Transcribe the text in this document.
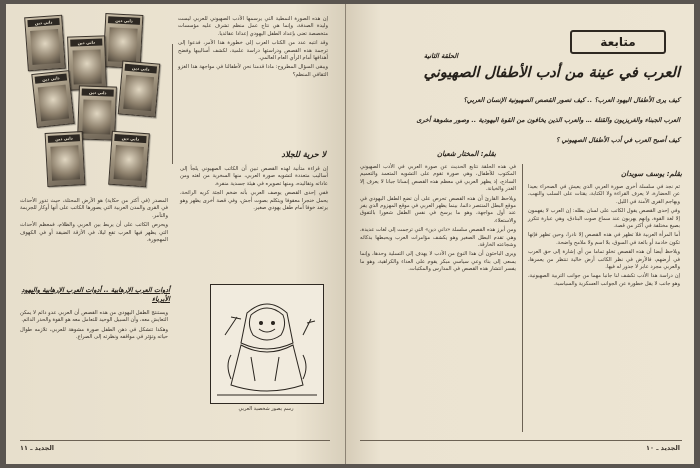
داني دين	داني دين
داني دين
داني دين
داني دين
داني دين
داني دين	داني دين

إن هذه الصورة النمطية التي يرسمها الأدب الصهيوني للعربي ليست وليدة الصدفة، وإنما هي نتاج عمل منظم تشرف عليه مؤسسات متخصصة تعنى بإعداد الطفل اليهودي إعدادا عقائديا.

وقد انتبه عدد من الكتاب العرب إلى خطورة هذا الأمر، فدعوا إلى ترجمة هذه القصص ودراستها دراسة علمية، لكشف أساليبها وفضح أهدافها أمام الرأي العام العالمي.

ويبقى السؤال المطروح: ماذا قدمنا نحن لأطفالنا في مواجهة هذا الغزو الثقافي المنظم؟

لا حرية للجلاد

إن قراءة متأنية لهذه القصص تبين أن الكاتب الصهيوني يلجأ إلى أساليب متعددة لتشويه صورة العربي، منها السخرية من لغته ومن عاداته وتقاليده، ومنها تصويره في هيئة جسدية منفرة.

ففي إحدى القصص يوصف العربي بأنه ضخم الجثة كريه الرائحة، يحمل خنجرا معقوفا ويتكلم بصوت أجش، وفي قصة أخرى يظهر وهو يرتعد خوفا أمام طفل يهودي صغير.

المصدر (في أكثر من حكاية) هو الأرض المحتلة، حيث تدور الأحداث في القرى والمدن العربية التي يصورها الكاتب على أنها أوكار للجريمة والتآمر.

ويحرص الكاتب على أن يربط بين العربي والظلام، فمعظم الأحداث التي يظهر فيها العرب تقع ليلا، في الأزقة الضيقة أو في الكهوف المهجورة.

أدوات العرب الإرهابية .. أدوات العرب الإرهابية واليهود الأبرياء

ويستنتج الطفل اليهودي من هذه القصص أن العربي عدو دائم لا يمكن التعايش معه، وأن السبيل الوحيد للتعامل معه هو القوة والحذر الدائم.

وهكذا تتشكل في ذهن الطفل صورة مشوهة للعربي، تلازمه طوال حياته وتؤثر في مواقفه ونظرته إلى الصراع.

رسم يصور شخصية العربي
الجديد ـ ١١
متابعة
الحلقة الثانية
العرب في عينة من أدب الأطفال الصهيوني
كيف يرى الأطفال اليهود العرب؟ .. كيف تصور القصص الصهيونية الإنسان العربي؟
العرب الجبناء والغريزيون والقتلة … والعرب الذين يخافون من القوة اليهودية .. وصور مشوهة أخرى
كيف أصبح العرب في أدب الأطفال الصهيوني ؟
بقلم: المختار شعبان
بقلم: يوسف سويدان

في هذه الحلقة نتابع الحديث عن صورة العربي في الأدب الصهيوني المكتوب للأطفال، وهي صورة تقوم على التشويه المتعمد والتعميم الساذج، إذ يظهر العربي في معظم هذه القصص إنسانا جبانا لا يعرف إلا الغدر والخيانة.

ويلاحظ القارئ أن هذه القصص تحرص على أن تضع الطفل اليهودي في موقع البطل المنتصر دائما، بينما يظهر العربي في موقع المهزوم الذي يفر عند أول مواجهة، وهو ما يرسخ في نفس الطفل شعورا بالتفوق والاستعلاء.

ومن أبرز هذه القصص سلسلة «داني دين» التي ترجمت إلى لغات عديدة، وهي تقدم البطل الصغير وهو يكشف مؤامرات العرب ويحبطها بذكائه وشجاعته الخارقة.

ويرى الباحثون أن هذا النوع من الأدب لا يهدف إلى التسلية وحدها، وإنما يسعى إلى بناء وعي سياسي مبكر يقوم على العداء والكراهية، وهو ما يفسر انتشار هذه القصص في المدارس والمكتبات.

ثم نجد في سلسلة أخرى صورة العربي الذي يعيش في الصحراء بعيدا عن الحضارة، لا يعرف القراءة ولا الكتابة، يقتات على السلب والنهب، ويهاجم القرى الآمنة في الليل.

وفي إحدى القصص يقول الكاتب على لسان بطله: إن العرب لا يفهمون إلا لغة القوة، وإنهم يهربون عند سماع صوت البنادق، وهي عبارة تتكرر بصيغ مختلفة في أكثر من قصة.

أما المرأة العربية فلا تظهر في هذه القصص إلا نادرا، وحين تظهر فإنها تكون خادمة أو بائعة في السوق، بلا اسم ولا ملامح واضحة.

ويلاحظ أيضا أن هذه القصص تخلو تماما من أي إشارة إلى حق العرب في أرضهم، فالأرض في نظر الكاتب أرض خالية تنتظر من يعمرها، والعربي مجرد عابر لا جذور له فيها.

إن دراسة هذا الأدب تكشف لنا جانبا مهما من جوانب التربية الصهيونية، وهو جانب لا يقل خطورة عن الجوانب العسكرية والسياسية.

الجديد ـ ١٠
